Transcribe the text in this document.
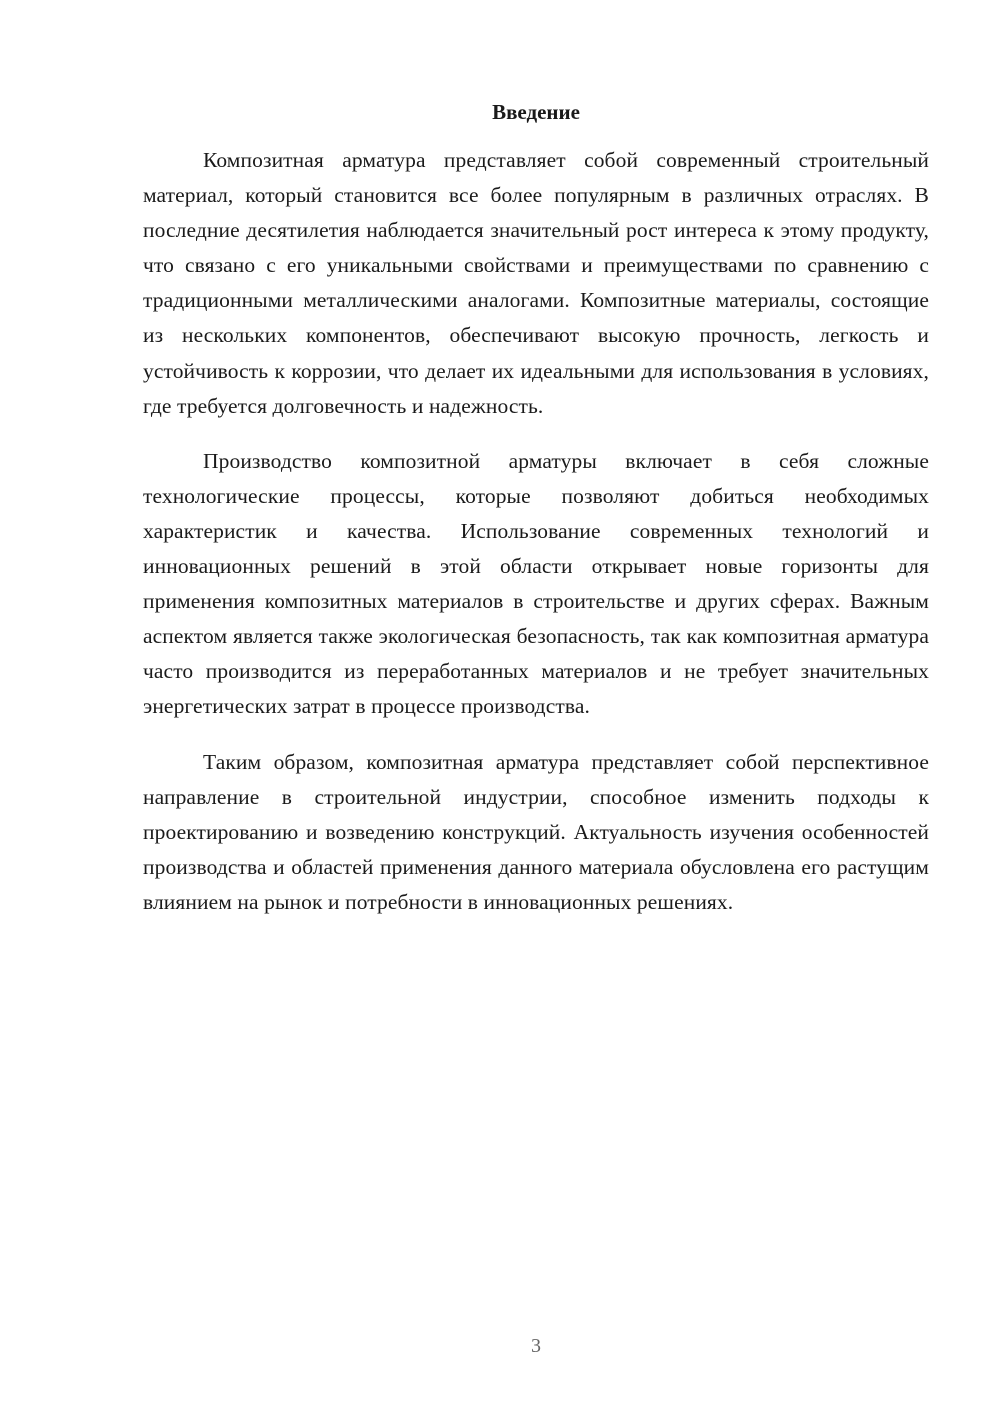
Введение

Композитная арматура представляет собой современный строительный материал, который становится все более популярным в различных отраслях. В последние десятилетия наблюдается значительный рост интереса к этому продукту, что связано с его уникальными свойствами и преимуществами по сравнению с традиционными металлическими аналогами. Композитные материалы, состоящие из нескольких компонентов, обеспечивают высокую прочность, легкость и устойчивость к коррозии, что делает их идеальными для использования в условиях, где требуется долговечность и надежность.

Производство композитной арматуры включает в себя сложные технологические процессы, которые позволяют добиться необходимых характеристик и качества. Использование современных технологий и инновационных решений в этой области открывает новые горизонты для применения композитных материалов в строительстве и других сферах. Важным аспектом является также экологическая безопасность, так как композитная арматура часто производится из переработанных материалов и не требует значительных энергетических затрат в процессе производства.

Таким образом, композитная арматура представляет собой перспективное направление в строительной индустрии, способное изменить подходы к проектированию и возведению конструкций. Актуальность изучения особенностей производства и областей применения данного материала обусловлена его растущим влиянием на рынок и потребности в инновационных решениях.

3
